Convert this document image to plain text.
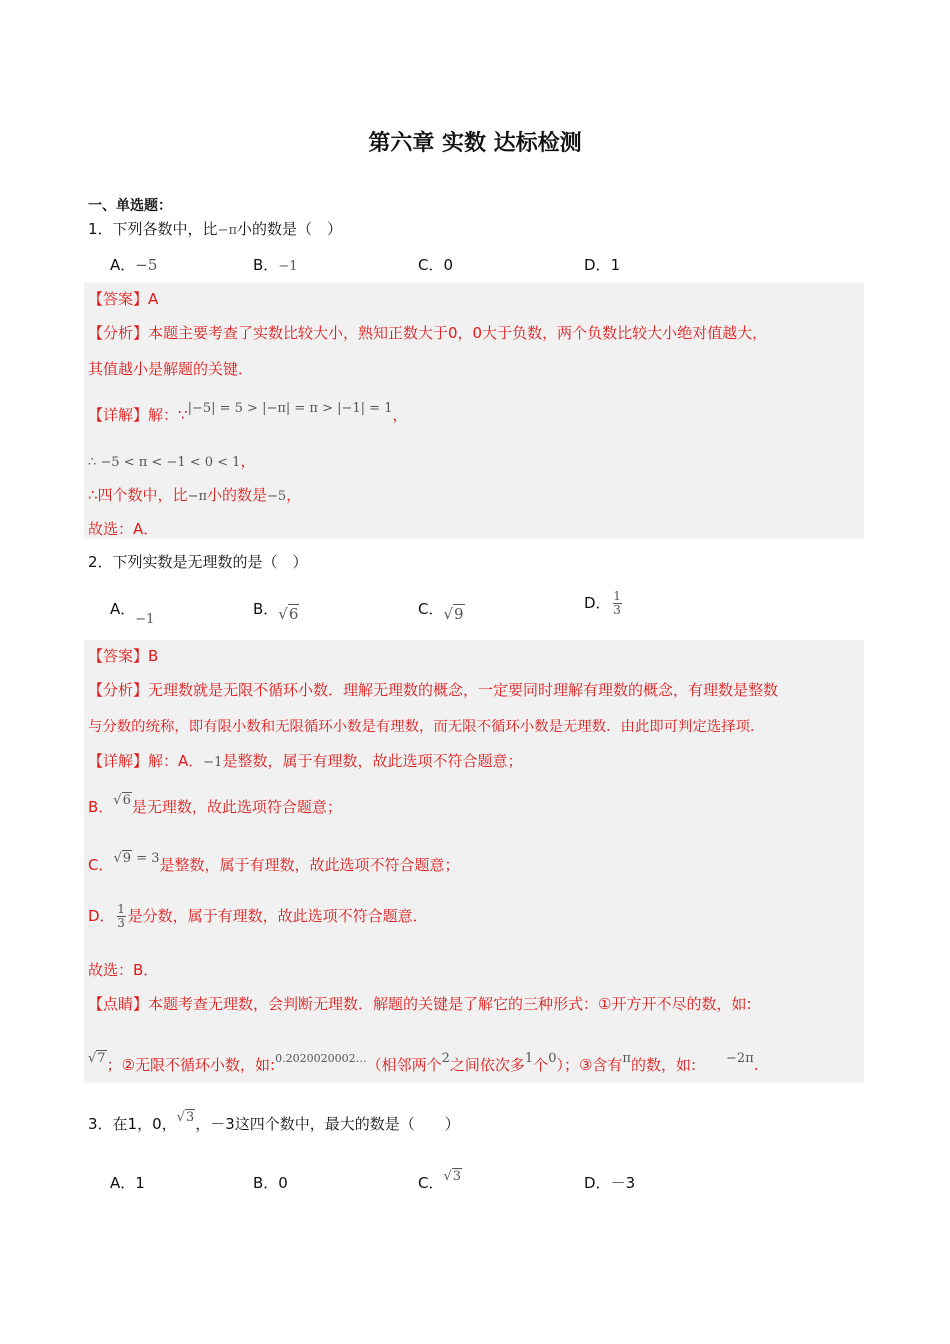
第六章 实数 达标检测
一、单选题：
1．下列各数中，比−π小的数是（　）
A．−5	B．−1	C．0	D．1
【答案】A
【分析】本题主要考查了实数比较大小，熟知正数大于0，0大于负数，两个负数比较大小绝对值越大，
其值越小是解题的关键．
【详解】解：∵|−5| = 5 > |−π| = π > |−1| = 1，
∴ −5 < π < −1 < 0 < 1，
∴四个数中，比−π小的数是−5，
故选：A．
2．下列实数是无理数的是（　）
A．−1
B．√6	C．√9
D． $\frac{1}{3}$
【答案】B
【分析】无理数就是无限不循环小数．理解无理数的概念，一定要同时理解有理数的概念，有理数是整数
与分数的统称，即有限小数和无限循环小数是有理数，而无限不循环小数是无理数．由此即可判定选择项．
【详解】解：A．−1是整数，属于有理数，故此选项不符合题意；
B．√6是无理数，故此选项符合题意；
C．√9 = 3是整数，属于有理数，故此选项不符合题意；
D． $\frac{1}{3}$ 是分数，属于有理数，故此选项不符合题意．
故选：B．
【点睛】本题考查无理数，会判断无理数．解题的关键是了解它的三种形式：①开方开不尽的数，如:
√7；②无限不循环小数，如:$^{0.2020020002\dots}$（相邻两个2之间依次多1个0）；③含有π的数，如: −2π.
3．在1，0，√3，－3这四个数中，最大的数是（　　）
A．1	B．0	C．√3	D．－3
